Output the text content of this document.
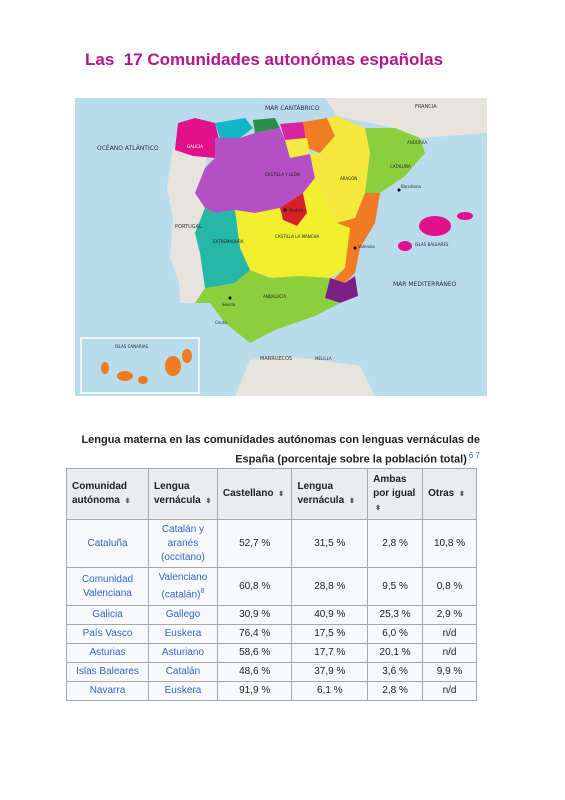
Las  17 Comunidades autonómas españolas
MAR CANTÁBRICO
OCÉANO ATLÁNTICO
MAR MEDITERRÁNEO
PORTUGAL
FRANCIA
ANDORRA
MARRUECOS	MELILLA
Ceuta
GALICIA
CASTILLA Y LEÓN
ARAGÓN
CATALUÑA
CASTILLA LA MANCHA
EXTREMADURA
ANDALUCÍA
ISLAS BALEARES
ISLAS CANARIAS
Madrid
Barcelona
Valencia
Sevilla
Lengua materna en las comunidades autónomas con lenguas vernáculas de España (porcentaje sobre la población total) $^{6 7}$
Comunidad autónoma ⬍	Lengua vernácula ⬍	Castellano ⬍	Lengua vernácula ⬍	Ambas por igual ⬍	Otras ⬍
Cataluña	Catalán y aranés (occitano)	52,7 %	31,5 %	2,8 %	10,8 %
Comunidad Valenciana	Valenciano (catalán)$^8$	60,8 %	28,8 %	9,5 %	0,8 %
Galicia	Gallego	30,9 %	40,9 %	25,3 %	2,9 %
País Vasco	Euskera	76,4 %	17,5 %	6,0 %	n/d
Asturias	Asturiano	58,6 %	17,7 %	20,1 %	n/d
Islas Baleares	Catalán	48,6 %	37,9 %	3,6 %	9,9 %
Navarra	Euskera	91,9 %	6,1 %	2,8 %	n/d
